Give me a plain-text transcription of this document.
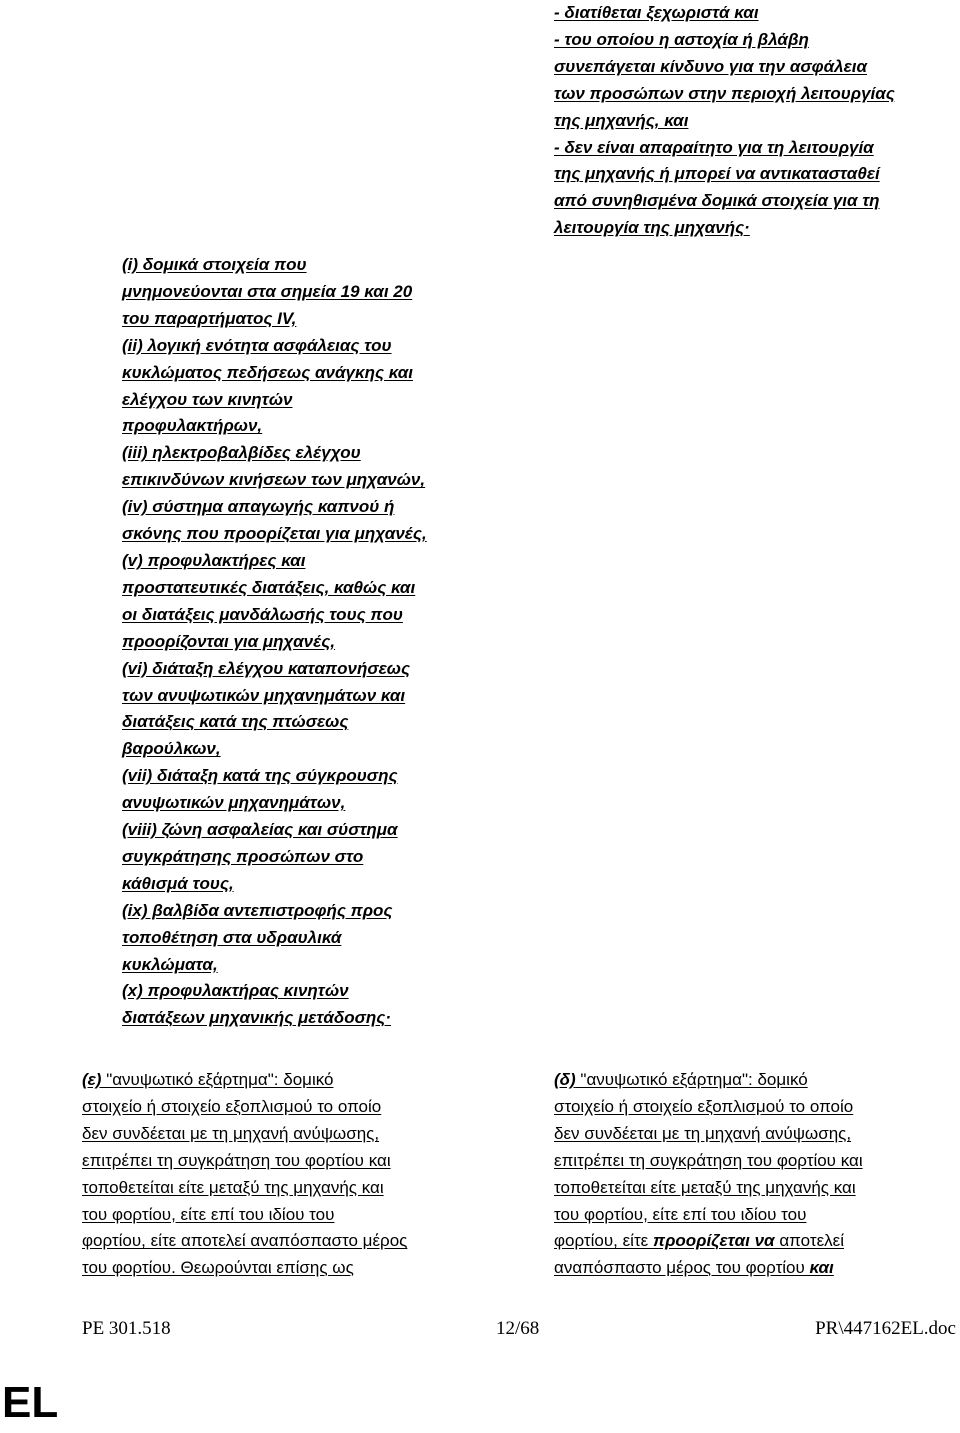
- διατίθεται ξεχωριστά και
- του οποίου η αστοχία ή βλάβη
συνεπάγεται κίνδυνο για την ασφάλεια
των προσώπων στην περιοχή λειτουργίας
της μηχανής, και
- δεν είναι απαραίτητο για τη λειτουργία
της μηχανής ή μπορεί να αντικατασταθεί
από συνηθισμένα δομικά στοιχεία για τη
λειτουργία της μηχανής·
(i) δομικά στοιχεία που
μνημονεύονται στα σημεία 19 και 20
του παραρτήματος IV,
(ii) λογική ενότητα ασφάλειας του
κυκλώματος πεδήσεως ανάγκης και
ελέγχου των κινητών
προφυλακτήρων,
(iii) ηλεκτροβαλβίδες ελέγχου
επικινδύνων κινήσεων των μηχανών,
(iv) σύστημα απαγωγής καπνού ή
σκόνης που προορίζεται για μηχανές,
(v) προφυλακτήρες και
προστατευτικές διατάξεις, καθώς και
οι διατάξεις μανδάλωσής τους που
προορίζονται για μηχανές,
(vi) διάταξη ελέγχου καταπονήσεως
των ανυψωτικών μηχανημάτων και
διατάξεις κατά της πτώσεως
βαρούλκων,
(vii) διάταξη κατά της σύγκρουσης
ανυψωτικών μηχανημάτων,
(viii) ζώνη ασφαλείας και σύστημα
συγκράτησης προσώπων στο
κάθισμά τους,
(ix) βαλβίδα αντεπιστροφής προς
τοποθέτηση στα υδραυλικά
κυκλώματα,
(x) προφυλακτήρας κινητών
διατάξεων μηχανικής μετάδοσης·
(ε) "ανυψωτικό εξάρτημα": δομικό
στοιχείο ή στοιχείο εξοπλισμού το οποίο
δεν συνδέεται με τη μηχανή ανύψωσης,
επιτρέπει τη συγκράτηση του φορτίου και
τοποθετείται είτε μεταξύ της μηχανής και
του φορτίου, είτε επί του ιδίου του
φορτίου, είτε αποτελεί αναπόσπαστο μέρος
του φορτίου. Θεωρούνται επίσης ως
(δ) "ανυψωτικό εξάρτημα": δομικό
στοιχείο ή στοιχείο εξοπλισμού το οποίο
δεν συνδέεται με τη μηχανή ανύψωσης,
επιτρέπει τη συγκράτηση του φορτίου και
τοποθετείται είτε μεταξύ της μηχανής και
του φορτίου, είτε επί του ιδίου του
φορτίου, είτε προορίζεται να αποτελεί
αναπόσπαστο μέρος του φορτίου και
PE 301.518	12/68	PR\447162EL.doc
EL
